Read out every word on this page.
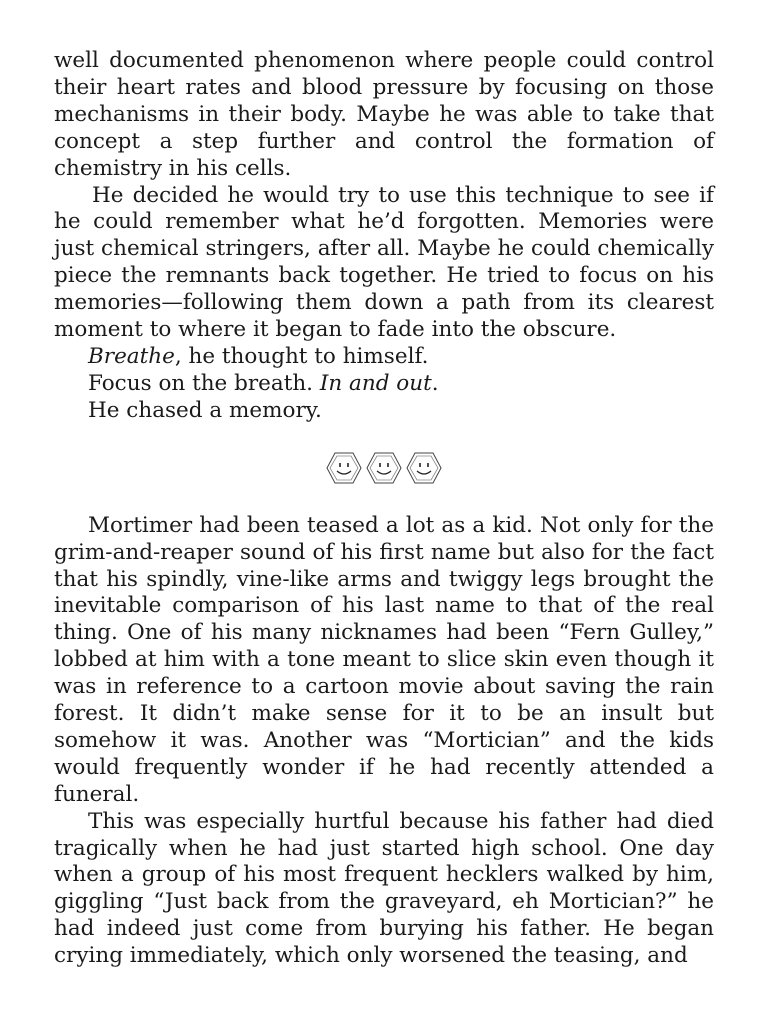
well documented phenomenon where people could control their heart rates and blood pressure by focusing on those mechanisms in their body. Maybe he was able to take that concept a step further and control the formation of chemistry in his cells.

He decided he would try to use this technique to see if he could remember what he’d forgotten. Memories were just chemical stringers, after all. Maybe he could chemically piece the remnants back together. He tried to focus on his memories—following them down a path from its clearest moment to where it began to fade into the obscure.

Breathe, he thought to himself.

Focus on the breath. In and out.

He chased a memory.

Mortimer had been teased a lot as a kid. Not only for the grim-and-reaper sound of his first name but also for the fact that his spindly, vine-like arms and twiggy legs brought the inevitable comparison of his last name to that of the real thing. One of his many nicknames had been “Fern Gulley,” lobbed at him with a tone meant to slice skin even though it was in reference to a cartoon movie about saving the rain forest. It didn’t make sense for it to be an insult but somehow it was. Another was “Mortician” and the kids would frequently wonder if he had recently attended a funeral.

This was especially hurtful because his father had died tragically when he had just started high school. One day when a group of his most frequent hecklers walked by him, giggling “Just back from the graveyard, eh Mortician?” he had indeed just come from burying his father. He began crying immediately, which only worsened the teasing, and
